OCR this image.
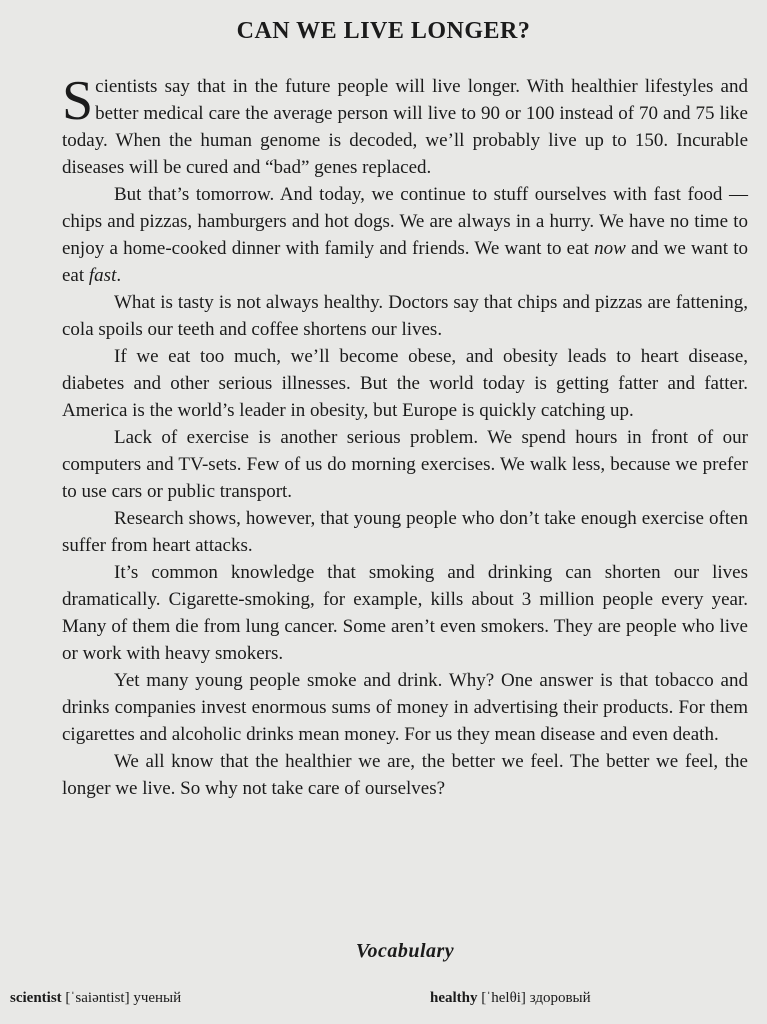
CAN WE LIVE LONGER?

Scientists say that in the future people will live longer. With healthier lifestyles and better medical care the average person will live to 90 or 100 instead of 70 and 75 like today. When the human genome is decoded, we’ll probably live up to 150. Incurable diseases will be cured and “bad” genes replaced.

But that’s tomorrow. And today, we continue to stuff ourselves with fast food — chips and pizzas, hamburgers and hot dogs. We are always in a hurry. We have no time to enjoy a home-cooked dinner with family and friends. We want to eat now and we want to eat fast.

What is tasty is not always healthy. Doctors say that chips and pizzas are fattening, cola spoils our teeth and coffee shortens our lives.

If we eat too much, we’ll become obese, and obesity leads to heart disease, diabetes and other serious illnesses. But the world today is getting fatter and fatter. America is the world’s leader in obesity, but Europe is quickly catching up.

Lack of exercise is another serious problem. We spend hours in front of our computers and TV-sets. Few of us do morning exercises. We walk less, because we prefer to use cars or public transport.

Research shows, however, that young people who don’t take enough exercise often suffer from heart attacks.

It’s common knowledge that smoking and drinking can shorten our lives dramatically. Cigarette-smoking, for example, kills about 3 million people every year. Many of them die from lung cancer. Some aren’t even smokers. They are people who live or work with heavy smokers.

Yet many young people smoke and drink. Why? One answer is that tobacco and drinks companies invest enormous sums of money in advertising their products. For them cigarettes and alcoholic drinks mean money. For us they mean disease and even death.

We all know that the healthier we are, the better we feel. The better we feel, the longer we live. So why not take care of ourselves?

Vocabulary
scientist [ˈsaiəntist] ученый	healthy [ˈhelθi] здоровый
